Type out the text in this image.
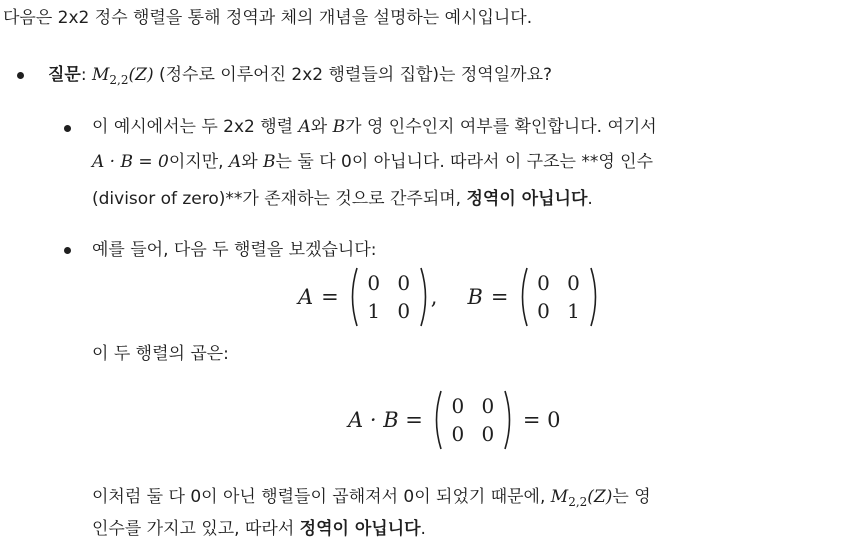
다음은 2x2 정수 행렬을 통해 정역과 체의 개념을 설명하는 예시입니다.
질문: $M_{2,2}(Z)$ (정수로 이루어진 2x2 행렬들의 집합)는 정역일까요?
이 예시에서는 두 2x2 행렬 A와 B가 영 인수인지 여부를 확인합니다. 여기서
A · B = 0이지만, A와 B는 둘 다 0이 아닙니다. 따라서 이 구조는 **영 인수
(divisor of zero)**가 존재하는 것으로 간주되며, 정역이 아닙니다.
예를 들어, 다음 두 행렬을 보겠습니다:
A =
0 0
1 0
, B =
0 0
0 1
이 두 행렬의 곱은:
A · B =
0 0
0 0
= 0
이처럼 둘 다 0이 아닌 행렬들이 곱해져서 0이 되었기 때문에, $M_{2,2}(Z)$는 영
인수를 가지고 있고, 따라서 정역이 아닙니다.
